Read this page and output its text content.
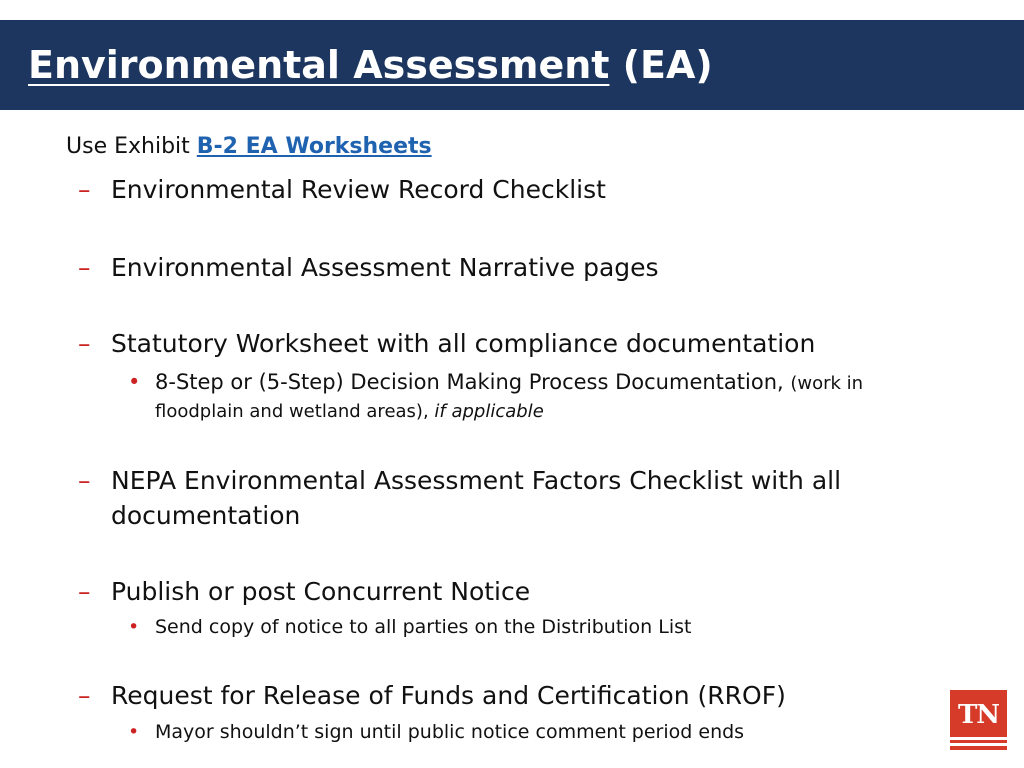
Environmental Assessment (EA)
Use Exhibit B-2 EA Worksheets
– Environmental Review Record Checklist
– Environmental Assessment Narrative pages
– Statutory Worksheet with all compliance documentation
• 8-Step or (5-Step) Decision Making Process Documentation, (work in
floodplain and wetland areas), if applicable
– NEPA Environmental Assessment Factors Checklist with all
documentation
– Publish or post Concurrent Notice
• Send copy of notice to all parties on the Distribution List
– Request for Release of Funds and Certification (RROF)
• Mayor shouldn’t sign until public notice comment period ends
TN
